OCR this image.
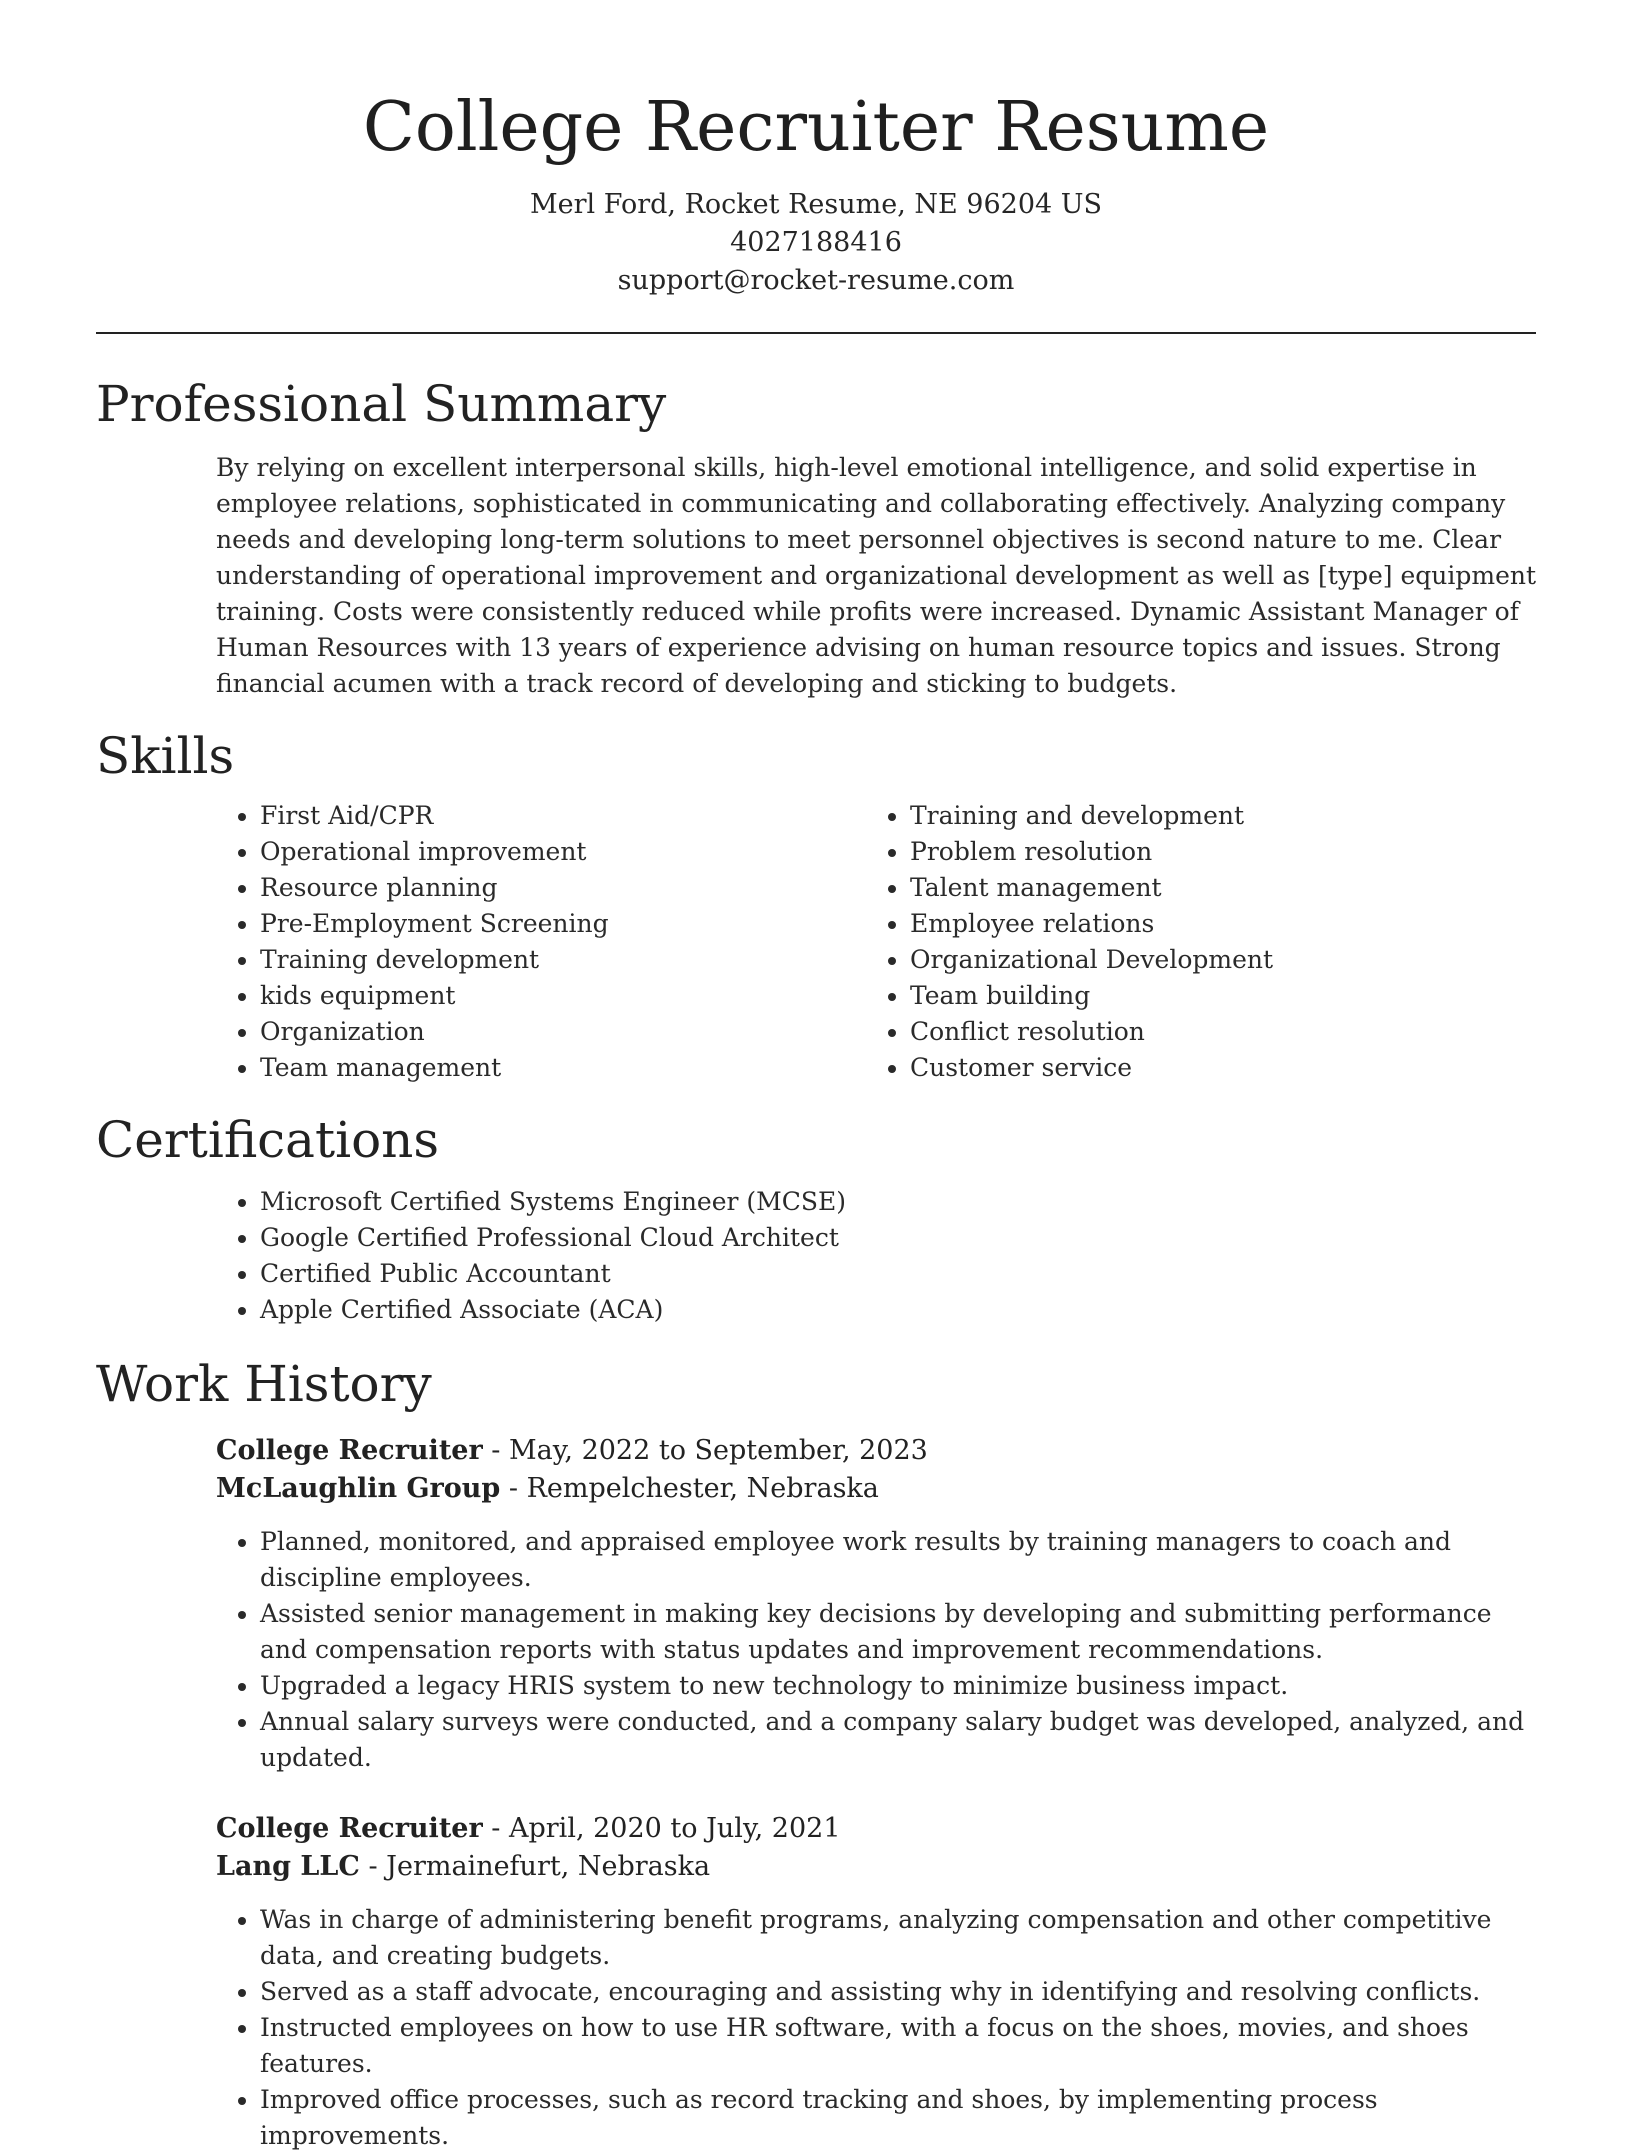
College Recruiter Resume
Merl Ford, Rocket Resume, NE 96204 US
4027188416
support@rocket-resume.com
Professional Summary

By relying on excellent interpersonal skills, high-level emotional intelligence, and solid expertise in employee relations, sophisticated in communicating and collaborating effectively. Analyzing company needs and developing long-term solutions to meet personnel objectives is second nature to me. Clear understanding of operational improvement and organizational development as well as [type] equipment training. Costs were consistently reduced while profits were increased. Dynamic Assistant Manager of Human Resources with 13 years of experience advising on human resource topics and issues. Strong financial acumen with a track record of developing and sticking to budgets.

Skills
• First Aid/CPR
• Operational improvement
• Resource planning
• Pre-Employment Screening
• Training development
• kids equipment
• Organization
• Team management
• Training and development
• Problem resolution
• Talent management
• Employee relations
• Organizational Development
• Team building
• Conflict resolution
• Customer service
Certifications
• Microsoft Certified Systems Engineer (MCSE)
• Google Certified Professional Cloud Architect
• Certified Public Accountant
• Apple Certified Associate (ACA)
Work History
College Recruiter - May, 2022 to September, 2023
McLaughlin Group - Rempelchester, Nebraska
• Planned, monitored, and appraised employee work results by training managers to coach and discipline employees.
• Assisted senior management in making key decisions by developing and submitting performance and compensation reports with status updates and improvement recommendations.
• Upgraded a legacy HRIS system to new technology to minimize business impact.
• Annual salary surveys were conducted, and a company salary budget was developed, analyzed, and updated.
College Recruiter - April, 2020 to July, 2021
Lang LLC - Jermainefurt, Nebraska
• Was in charge of administering benefit programs, analyzing compensation and other competitive data, and creating budgets.
• Served as a staff advocate, encouraging and assisting why in identifying and resolving conflicts.
• Instructed employees on how to use HR software, with a focus on the shoes, movies, and shoes features.
• Improved office processes, such as record tracking and shoes, by implementing process improvements.
